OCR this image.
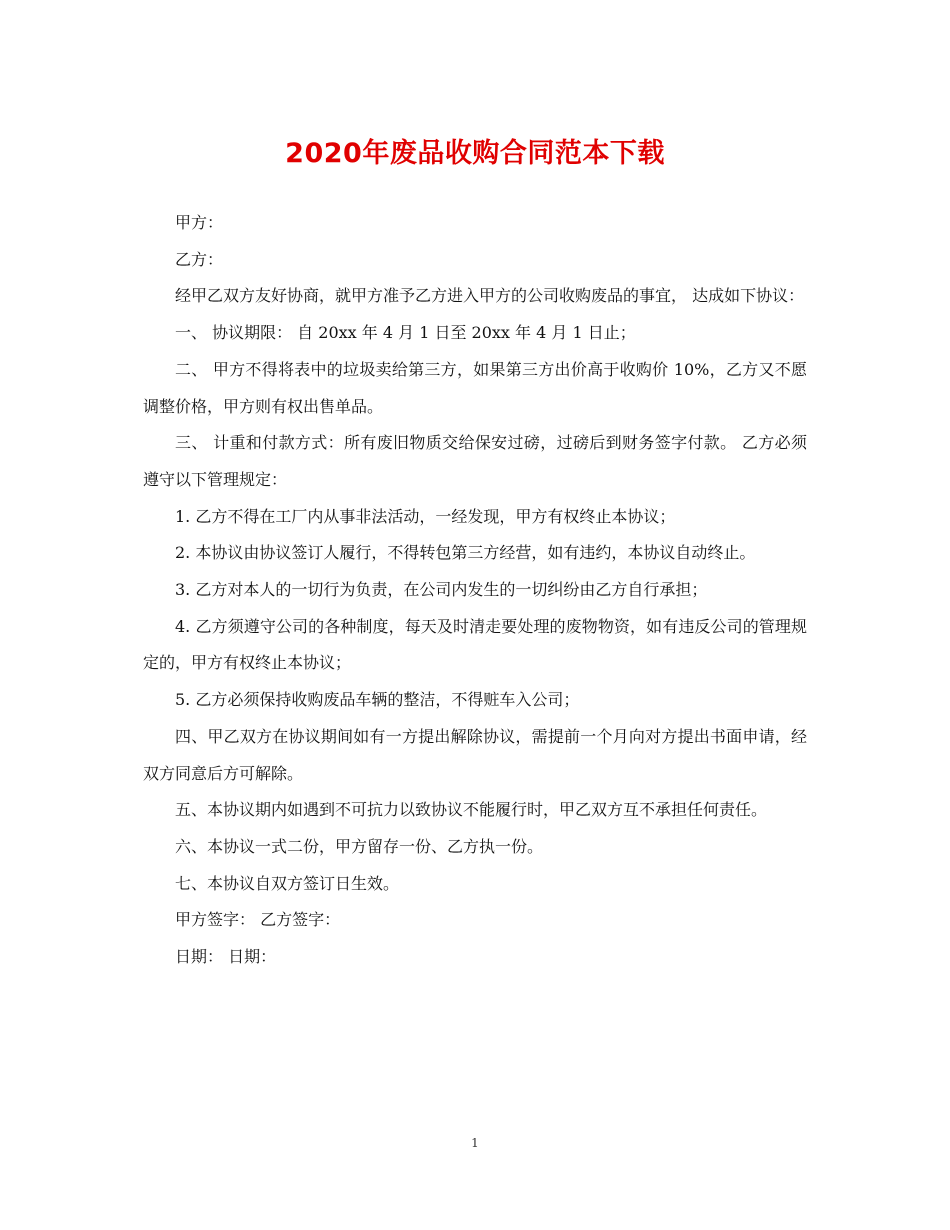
2020年废品收购合同范本下载

甲方：

乙方：

经甲乙双方友好协商，就甲方准予乙方进入甲方的公司收购废品的事宜， 达成如下协议：

一、 协议期限： 自 20xx 年 4 月 1 日至 20xx 年 4 月 1 日止；

二、 甲方不得将表中的垃圾卖给第三方，如果第三方出价高于收购价 10%，乙方又不愿调整价格，甲方则有权出售单品。

三、 计重和付款方式：所有废旧物质交给保安过磅，过磅后到财务签字付款。 乙方必须遵守以下管理规定：

1. 乙方不得在工厂内从事非法活动，一经发现，甲方有权终止本协议；

2. 本协议由协议签订人履行，不得转包第三方经营，如有违约，本协议自动终止。

3. 乙方对本人的一切行为负责，在公司内发生的一切纠纷由乙方自行承担；

4. 乙方须遵守公司的各种制度，每天及时清走要处理的废物物资，如有违反公司的管理规定的，甲方有权终止本协议；

5. 乙方必须保持收购废品车辆的整洁，不得赃车入公司；

四、甲乙双方在协议期间如有一方提出解除协议，需提前一个月向对方提出书面申请，经双方同意后方可解除。

五、本协议期内如遇到不可抗力以致协议不能履行时，甲乙双方互不承担任何责任。

六、本协议一式二份，甲方留存一份、乙方执一份。

七、本协议自双方签订日生效。

甲方签字： 乙方签字：

日期： 日期：

1
